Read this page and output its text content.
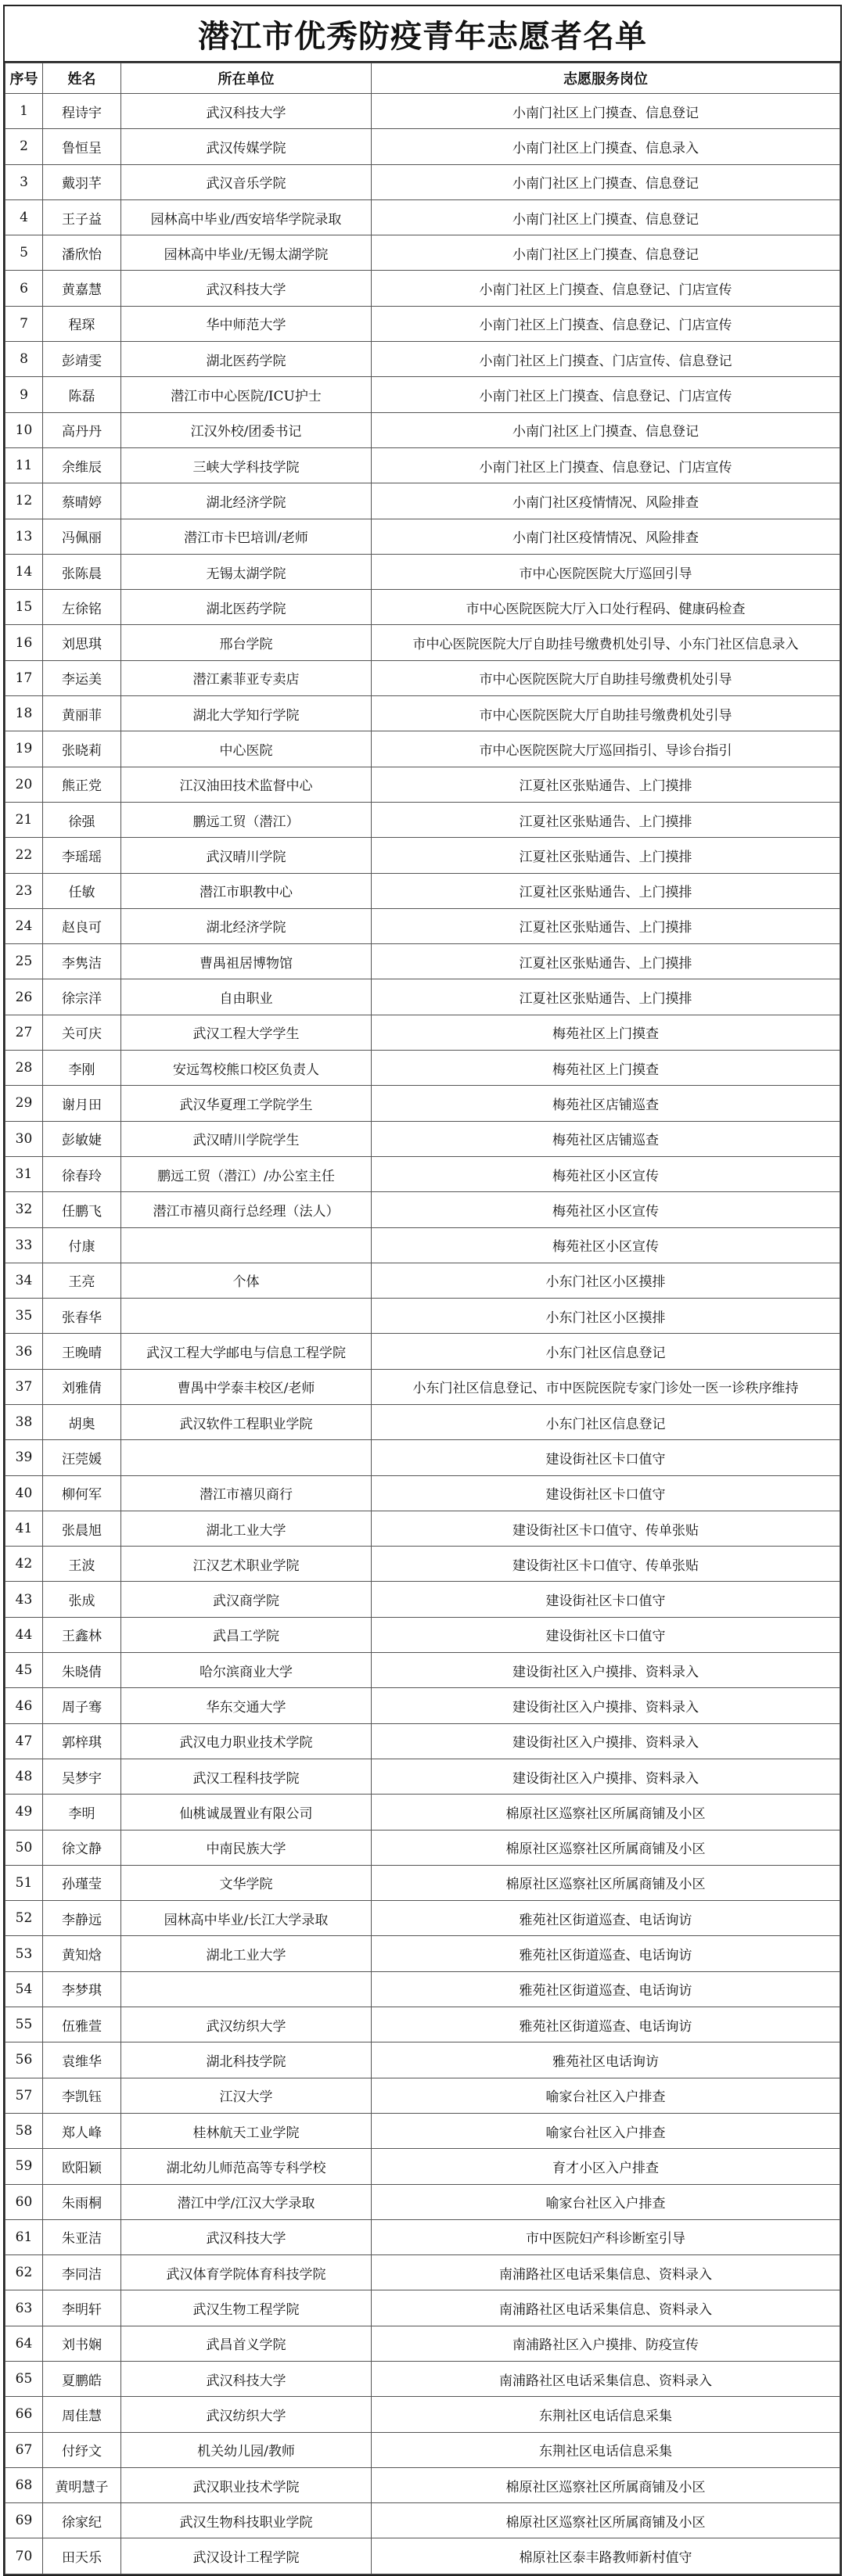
潜江市优秀防疫青年志愿者名单
序号	姓名	所在单位	志愿服务岗位
1	程诗宇	武汉科技大学	小南门社区上门摸查、信息登记
2	鲁恒呈	武汉传媒学院	小南门社区上门摸查、信息录入
3	戴羽芊	武汉音乐学院	小南门社区上门摸查、信息登记
4	王子益	园林高中毕业/西安培华学院录取	小南门社区上门摸查、信息登记
5	潘欣怡	园林高中毕业/无锡太湖学院	小南门社区上门摸查、信息登记
6	黄嘉慧	武汉科技大学	小南门社区上门摸查、信息登记、门店宣传
7	程琛	华中师范大学	小南门社区上门摸查、信息登记、门店宣传
8	彭靖雯	湖北医药学院	小南门社区上门摸查、门店宣传、信息登记
9	陈磊	潜江市中心医院/ICU护士	小南门社区上门摸查、信息登记、门店宣传
10	高丹丹	江汉外校/团委书记	小南门社区上门摸查、信息登记
11	余维辰	三峡大学科技学院	小南门社区上门摸查、信息登记、门店宣传
12	蔡晴婷	湖北经济学院	小南门社区疫情情况、风险排查
13	冯佩丽	潜江市卡巴培训/老师	小南门社区疫情情况、风险排查
14	张陈晨	无锡太湖学院	市中心医院医院大厅巡回引导
15	左徐铭	湖北医药学院	市中心医院医院大厅入口处行程码、健康码检查
16	刘思琪	邢台学院	市中心医院医院大厅自助挂号缴费机处引导、小东门社区信息录入
17	李运美	潜江素菲亚专卖店	市中心医院医院大厅自助挂号缴费机处引导
18	黄丽菲	湖北大学知行学院	市中心医院医院大厅自助挂号缴费机处引导
19	张晓莉	中心医院	市中心医院医院大厅巡回指引、导诊台指引
20	熊正党	江汉油田技术监督中心	江夏社区张贴通告、上门摸排
21	徐强	鹏远工贸（潜江）	江夏社区张贴通告、上门摸排
22	李瑶瑶	武汉晴川学院	江夏社区张贴通告、上门摸排
23	任敏	潜江市职教中心	江夏社区张贴通告、上门摸排
24	赵良可	湖北经济学院	江夏社区张贴通告、上门摸排
25	李隽洁	曹禺祖居博物馆	江夏社区张贴通告、上门摸排
26	徐宗洋	自由职业	江夏社区张贴通告、上门摸排
27	关可庆	武汉工程大学学生	梅苑社区上门摸查
28	李刚	安远驾校熊口校区负责人	梅苑社区上门摸查
29	谢月田	武汉华夏理工学院学生	梅苑社区店铺巡查
30	彭敏婕	武汉晴川学院学生	梅苑社区店铺巡查
31	徐春玲	鹏远工贸（潜江）/办公室主任	梅苑社区小区宣传
32	任鹏飞	潜江市禧贝商行总经理（法人）	梅苑社区小区宣传
33	付康		梅苑社区小区宣传
34	王亮	个体	小东门社区小区摸排
35	张春华		小东门社区小区摸排
36	王晚晴	武汉工程大学邮电与信息工程学院	小东门社区信息登记
37	刘雅倩	曹禺中学泰丰校区/老师	小东门社区信息登记、市中医院医院专家门诊处一医一诊秩序维持
38	胡奥	武汉软件工程职业学院	小东门社区信息登记
39	汪莞媛		建设街社区卡口值守
40	柳何军	潜江市禧贝商行	建设街社区卡口值守
41	张晨旭	湖北工业大学	建设街社区卡口值守、传单张贴
42	王波	江汉艺术职业学院	建设街社区卡口值守、传单张贴
43	张成	武汉商学院	建设街社区卡口值守
44	王鑫林	武昌工学院	建设街社区卡口值守
45	朱晓倩	哈尔滨商业大学	建设街社区入户摸排、资料录入
46	周子骞	华东交通大学	建设街社区入户摸排、资料录入
47	郭梓琪	武汉电力职业技术学院	建设街社区入户摸排、资料录入
48	吴梦宇	武汉工程科技学院	建设街社区入户摸排、资料录入
49	李明	仙桃诚晟置业有限公司	棉原社区巡察社区所属商铺及小区
50	徐文静	中南民族大学	棉原社区巡察社区所属商铺及小区
51	孙瑾莹	文华学院	棉原社区巡察社区所属商铺及小区
52	李静远	园林高中毕业/长江大学录取	雅苑社区街道巡查、电话询访
53	黄知焓	湖北工业大学	雅苑社区街道巡查、电话询访
54	李梦琪		雅苑社区街道巡查、电话询访
55	伍雅萱	武汉纺织大学	雅苑社区街道巡查、电话询访
56	袁维华	湖北科技学院	雅苑社区电话询访
57	李凯钰	江汉大学	喻家台社区入户排查
58	郑人峰	桂林航天工业学院	喻家台社区入户排查
59	欧阳颖	湖北幼儿师范高等专科学校	育才小区入户排查
60	朱雨桐	潜江中学/江汉大学录取	喻家台社区入户排查
61	朱亚洁	武汉科技大学	市中医院妇产科诊断室引导
62	李同洁	武汉体育学院体育科技学院	南浦路社区电话采集信息、资料录入
63	李明轩	武汉生物工程学院	南浦路社区电话采集信息、资料录入
64	刘书娴	武昌首义学院	南浦路社区入户摸排、防疫宣传
65	夏鹏皓	武汉科技大学	南浦路社区电话采集信息、资料录入
66	周佳慧	武汉纺织大学	东荆社区电话信息采集
67	付纾文	机关幼儿园/教师	东荆社区电话信息采集
68	黄明慧子	武汉职业技术学院	棉原社区巡察社区所属商铺及小区
69	徐家纪	武汉生物科技职业学院	棉原社区巡察社区所属商铺及小区
70	田天乐	武汉设计工程学院	棉原社区泰丰路教师新村值守
